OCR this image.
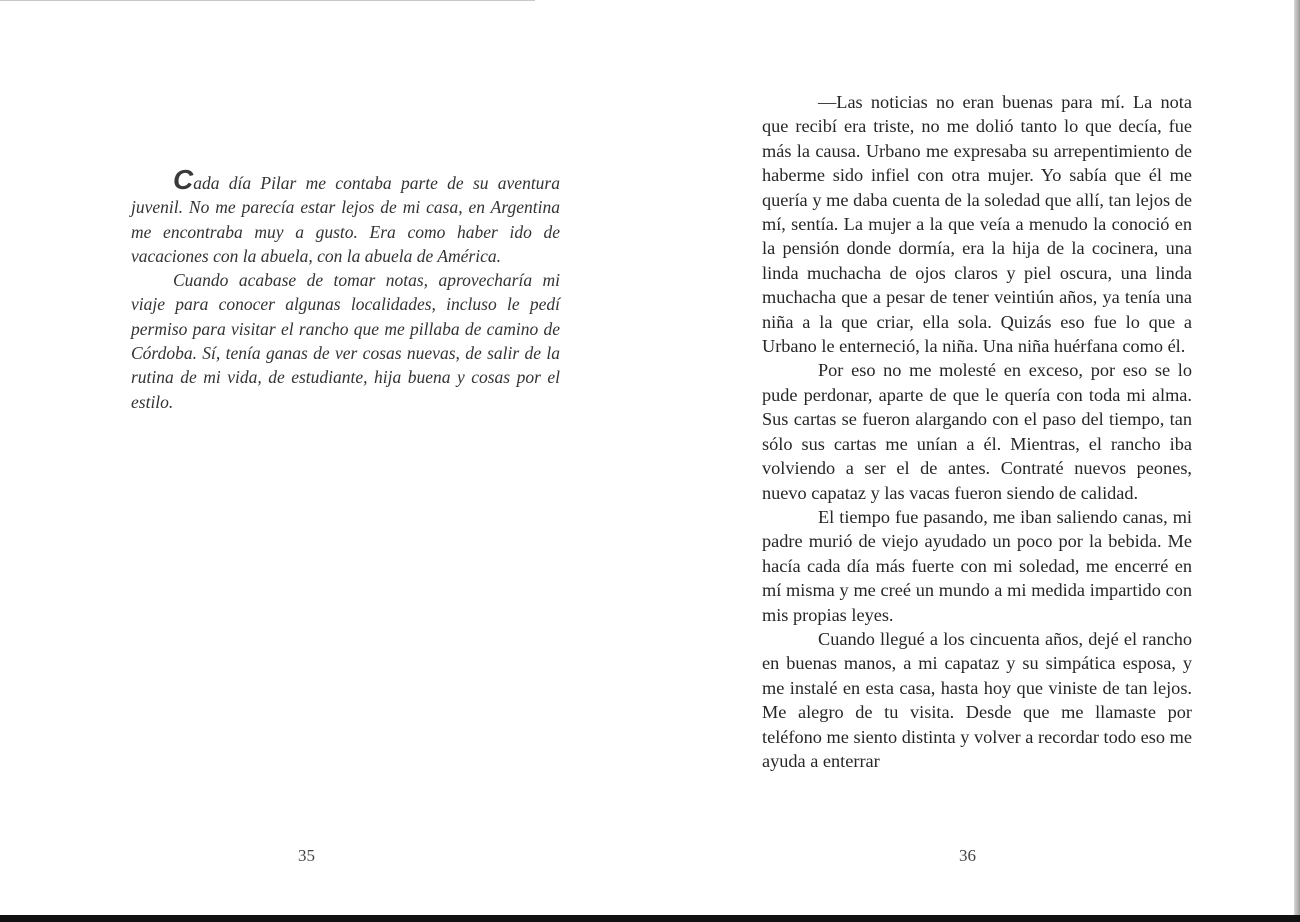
Cada día Pilar me contaba parte de su aventura juvenil. No me parecía estar lejos de mi casa, en Argentina me encontraba muy a gusto. Era como haber ido de vacaciones con la abuela, con la abuela de América.

Cuando acabase de tomar notas, aprovecharía mi viaje para conocer algunas localidades, incluso le pedí permiso para visitar el rancho que me pillaba de camino de Córdoba. Sí, tenía ganas de ver cosas nuevas, de salir de la rutina de mi vida, de estudiante, hija buena y cosas por el estilo.

35

—Las noticias no eran buenas para mí. La nota que recibí era triste, no me dolió tanto lo que decía, fue más la causa. Urbano me expresaba su arrepentimiento de haberme sido infiel con otra mujer. Yo sabía que él me quería y me daba cuenta de la soledad que allí, tan lejos de mí, sentía. La mujer a la que veía a menudo la conoció en la pensión donde dormía, era la hija de la cocinera, una linda muchacha de ojos claros y piel oscura, una linda muchacha que a pesar de tener veintiún años, ya tenía una niña a la que criar, ella sola. Quizás eso fue lo que a Urbano le enterneció, la niña. Una niña huérfana como él.

Por eso no me molesté en exceso, por eso se lo pude perdonar, aparte de que le quería con toda mi alma. Sus cartas se fueron alargando con el paso del tiempo, tan sólo sus cartas me unían a él. Mientras, el rancho iba volviendo a ser el de antes. Contraté nuevos peones, nuevo capataz y las vacas fueron siendo de calidad.

El tiempo fue pasando, me iban saliendo canas, mi padre murió de viejo ayudado un poco por la bebida. Me hacía cada día más fuerte con mi soledad, me encerré en mí misma y me creé un mundo a mi medida impartido con mis propias leyes.

Cuando llegué a los cincuenta años, dejé el rancho en buenas manos, a mi capataz y su simpática esposa, y me instalé en esta casa, hasta hoy que viniste de tan lejos. Me alegro de tu visita. Desde que me llamaste por teléfono me siento distinta y volver a recordar todo eso me ayuda a enterrar

36
